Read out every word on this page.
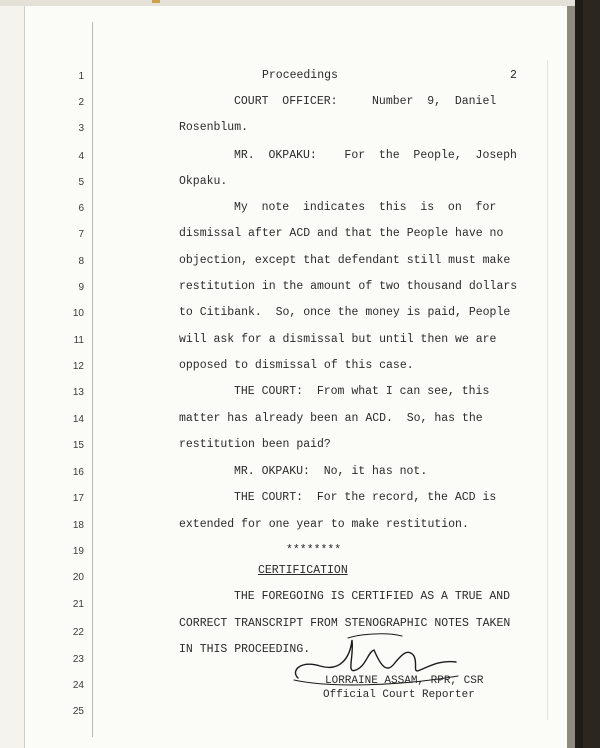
Proceedings	2
1
2
3
4
5
6
7
8
9
10
11
12
13
14
15
16
17
18
19
20
21
22
23
24
25
COURT  OFFICER:     Number  9,  Daniel
Rosenblum.
MR.  OKPAKU:    For  the  People,  Joseph
Okpaku.
My  note  indicates  this  is  on  for
dismissal after ACD and that the People have no
objection, except that defendant still must make
restitution in the amount of two thousand dollars
to Citibank.  So, once the money is paid, People
will ask for a dismissal but until then we are
opposed to dismissal of this case.
THE COURT:  From what I can see, this
matter has already been an ACD.  So, has the
restitution been paid?
MR. OKPAKU:  No, it has not.
THE COURT:  For the record, the ACD is
extended for one year to make restitution.
********
CERTIFICATION
THE FOREGOING IS CERTIFIED AS A TRUE AND
CORRECT TRANSCRIPT FROM STENOGRAPHIC NOTES TAKEN
IN THIS PROCEEDING.
LORRAINE ASSAM, RPR, CSR
Official Court Reporter
